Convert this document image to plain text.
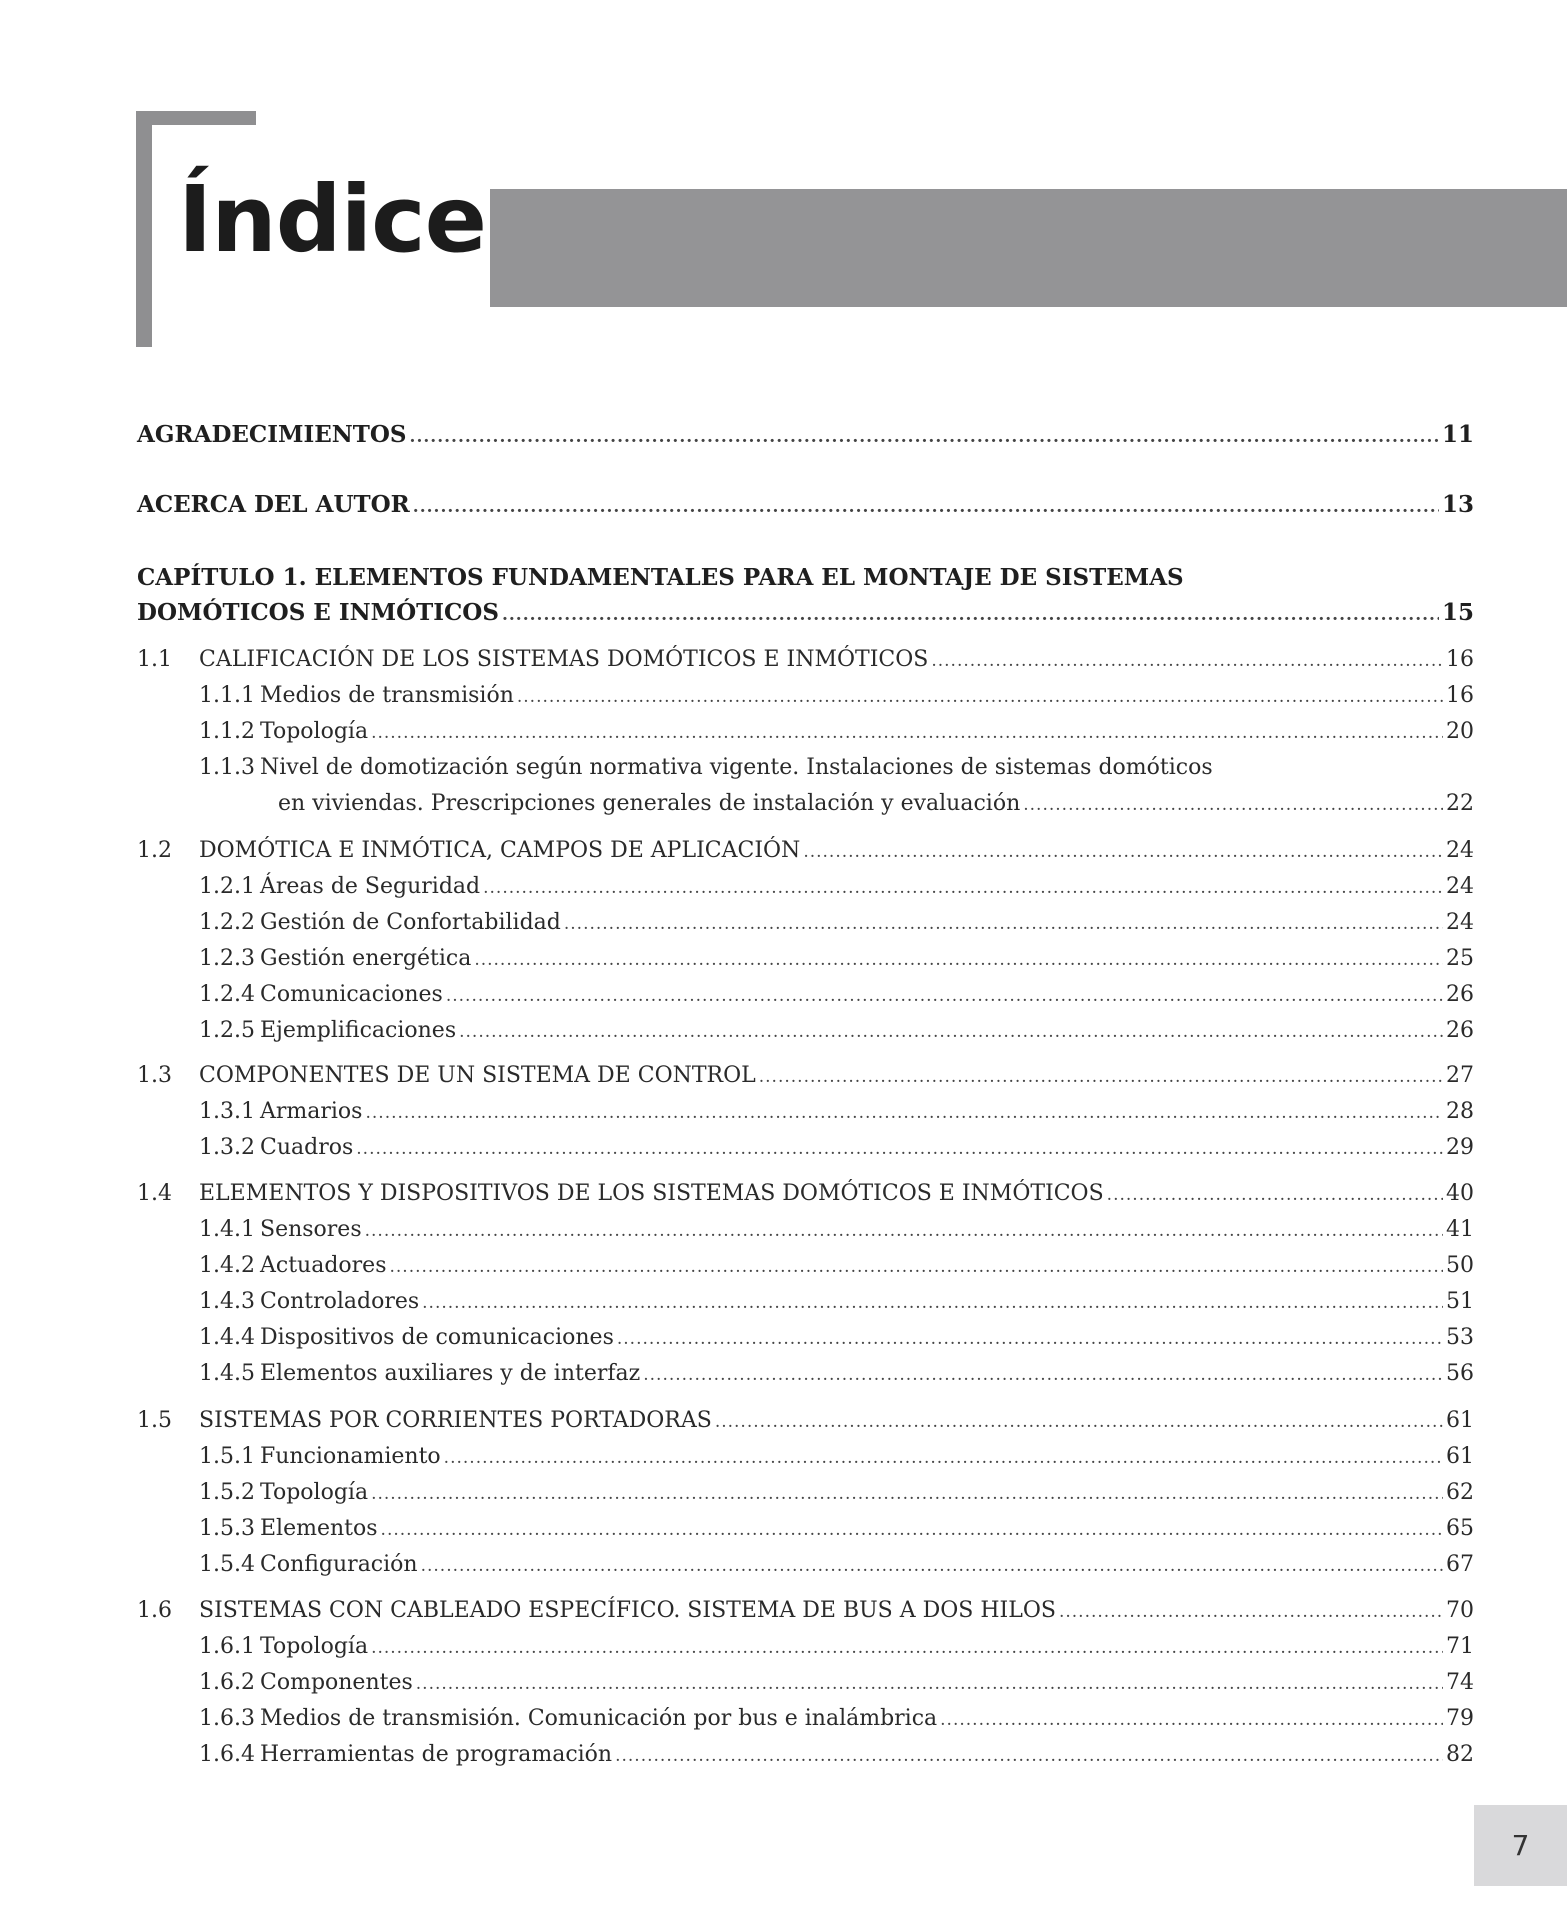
Índice
AGRADECIMIENTOS .....	11
ACERCA DEL AUTOR .....	13
CAPÍTULO 1. ELEMENTOS FUNDAMENTALES PARA EL MONTAJE DE SISTEMAS
DOMÓTICOS E INMÓTICOS .....	15
1.1	CALIFICACIÓN DE LOS SISTEMAS DOMÓTICOS E INMÓTICOS .....	16
1.1.1 Medios de transmisión .....	16
1.1.2 Topología .....	20
1.1.3 Nivel de domotización según normativa vigente. Instalaciones de sistemas domóticos
en viviendas. Prescripciones generales de instalación y evaluación .....	22
1.2	DOMÓTICA E INMÓTICA, CAMPOS DE APLICACIÓN .....	24
1.2.1 Áreas de Seguridad .....	24
1.2.2 Gestión de Confortabilidad .....	24
1.2.3 Gestión energética .....	25
1.2.4 Comunicaciones .....	26
1.2.5 Ejemplificaciones .....	26
1.3	COMPONENTES DE UN SISTEMA DE CONTROL .....	27
1.3.1 Armarios .....	28
1.3.2 Cuadros .....	29
1.4	ELEMENTOS Y DISPOSITIVOS DE LOS SISTEMAS DOMÓTICOS E INMÓTICOS .....	40
1.4.1 Sensores .....	41
1.4.2 Actuadores .....	50
1.4.3 Controladores .....	51
1.4.4 Dispositivos de comunicaciones .....	53
1.4.5 Elementos auxiliares y de interfaz .....	56
1.5	SISTEMAS POR CORRIENTES PORTADORAS .....	61
1.5.1 Funcionamiento .....	61
1.5.2 Topología .....	62
1.5.3 Elementos .....	65
1.5.4 Configuración .....	67
1.6	SISTEMAS CON CABLEADO ESPECÍFICO. SISTEMA DE BUS A DOS HILOS .....	70
1.6.1 Topología .....	71
1.6.2 Componentes .....	74
1.6.3 Medios de transmisión. Comunicación por bus e inalámbrica .....	79
1.6.4 Herramientas de programación .....	82
7
